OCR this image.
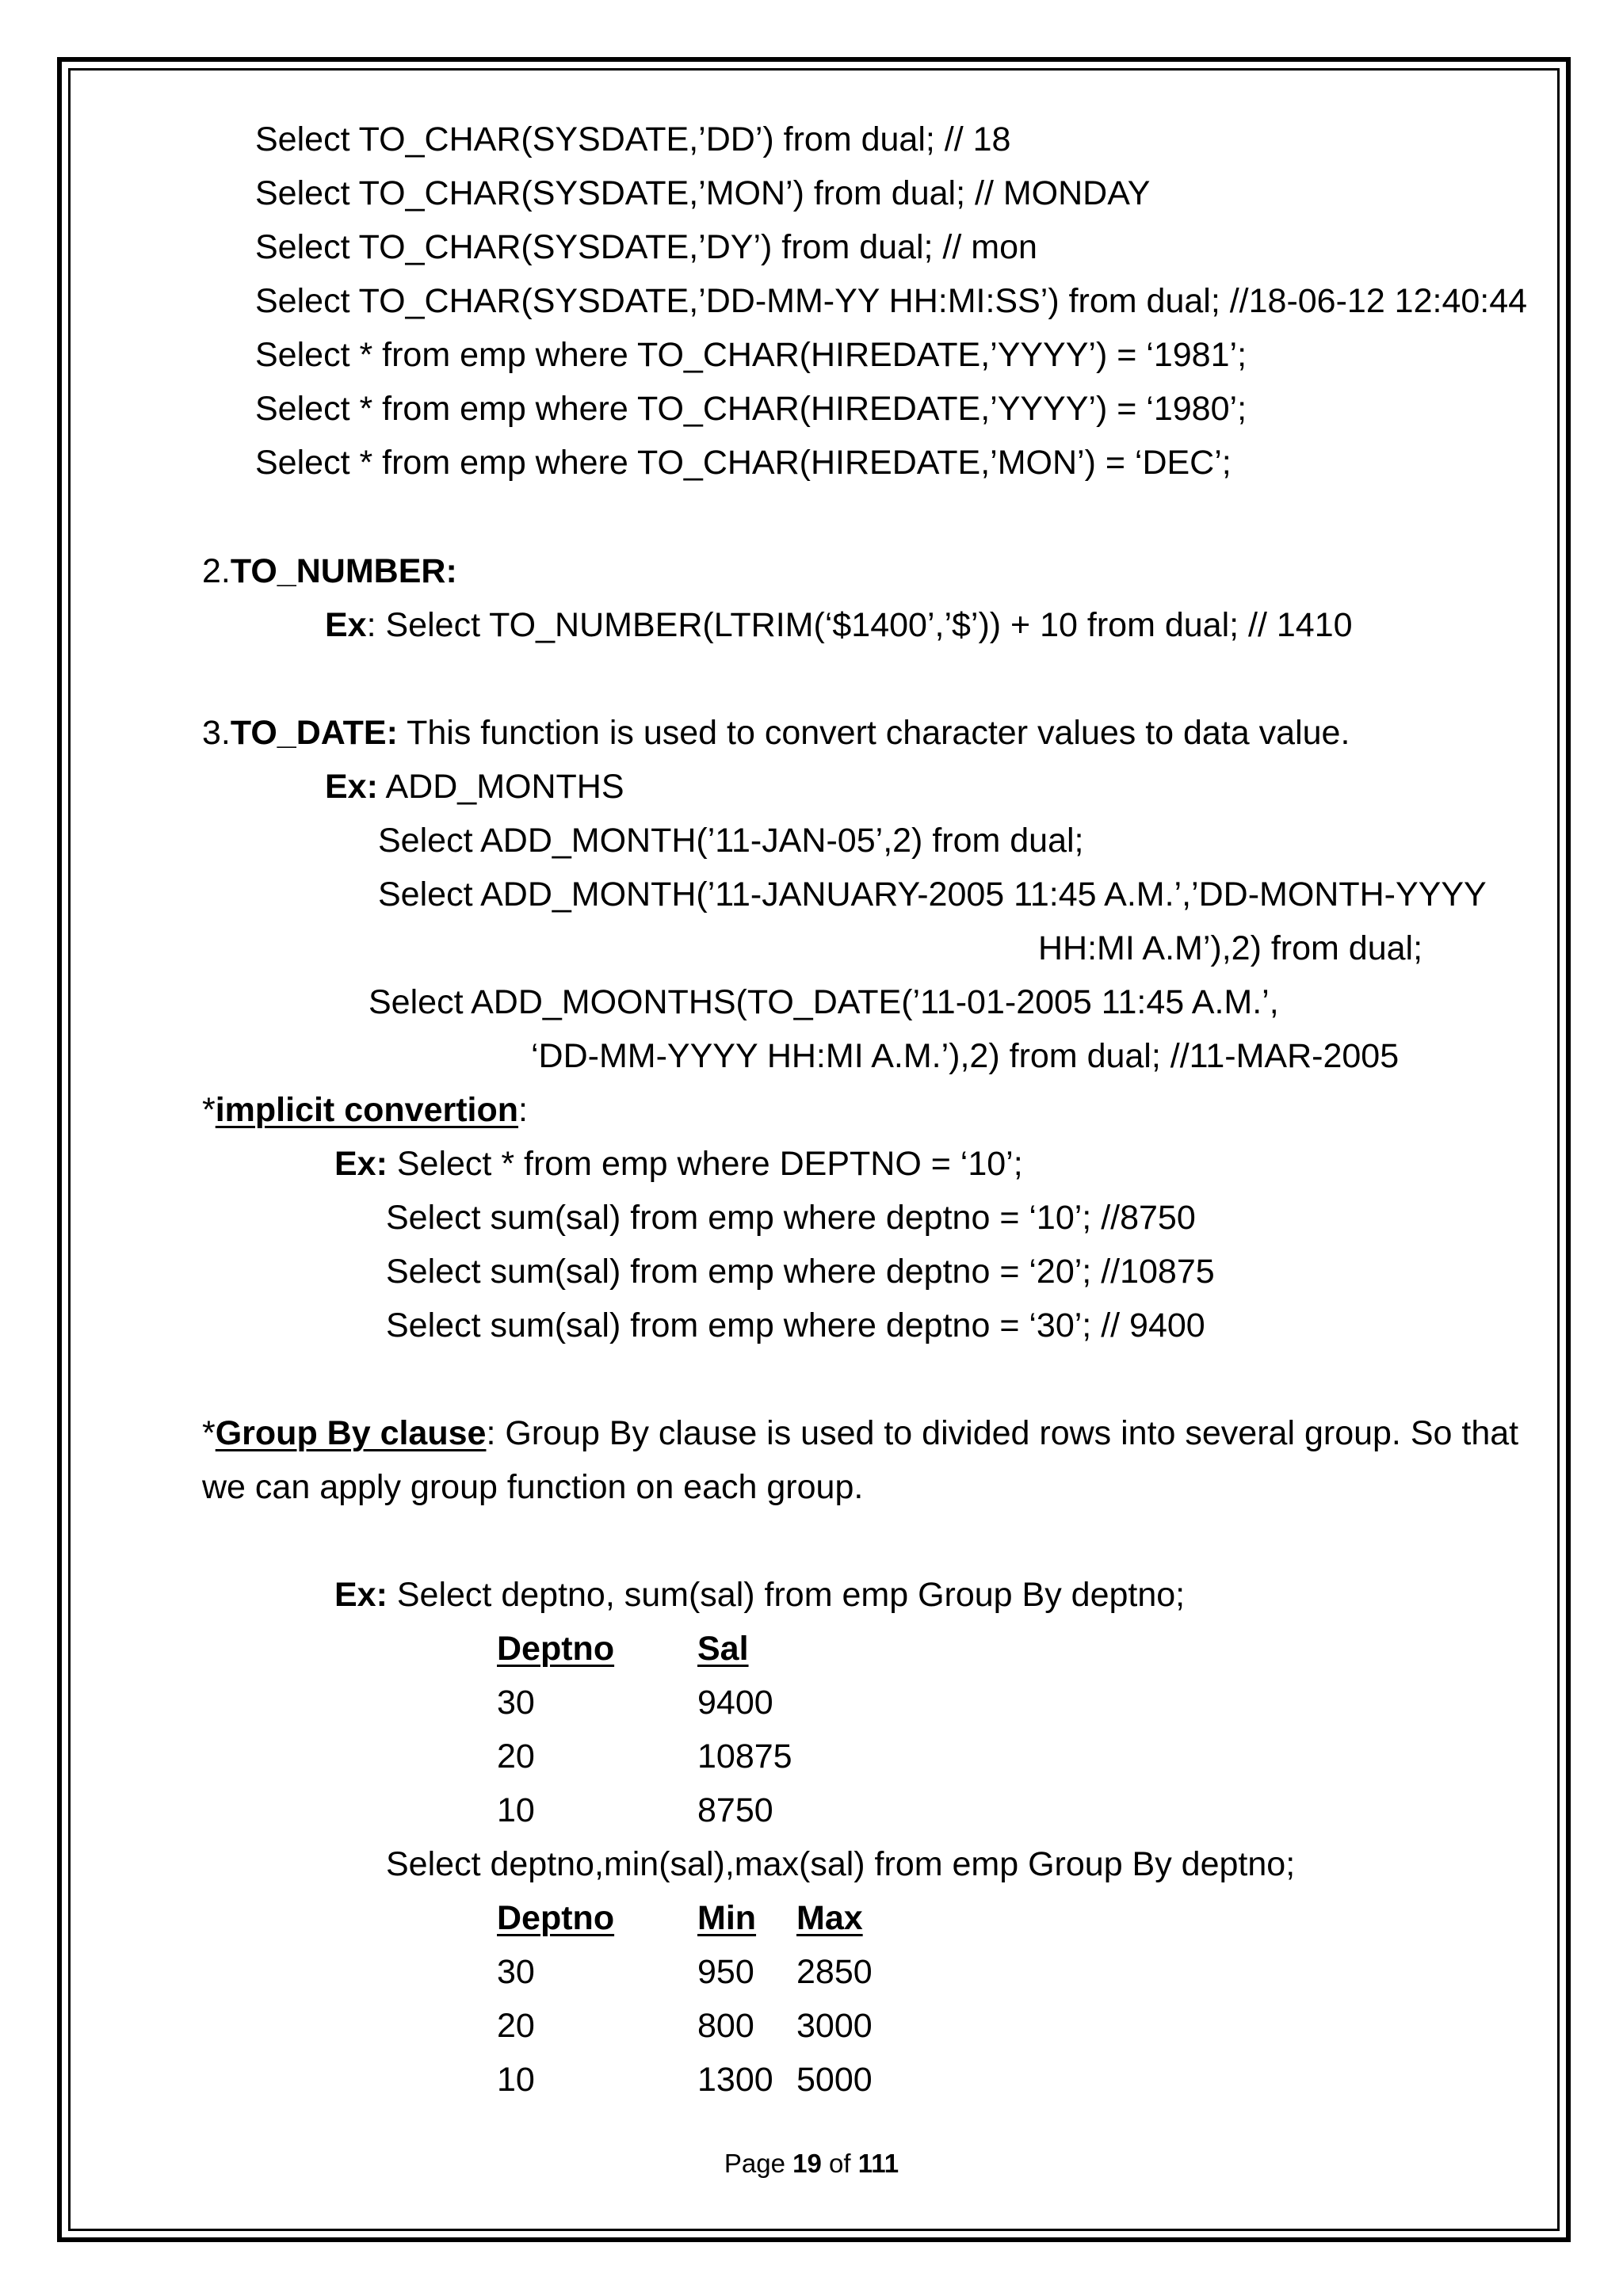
Select TO_CHAR(SYSDATE,’DD’) from dual; // 18
Select TO_CHAR(SYSDATE,’MON’) from dual; // MONDAY
Select TO_CHAR(SYSDATE,’DY’) from dual; // mon
Select TO_CHAR(SYSDATE,’DD-MM-YY HH:MI:SS’) from dual; //18-06-12 12:40:44
Select * from emp where TO_CHAR(HIREDATE,’YYYY’) = ‘1981’;
Select * from emp where TO_CHAR(HIREDATE,’YYYY’) = ‘1980’;
Select * from emp where TO_CHAR(HIREDATE,’MON’) = ‘DEC’;
2.TO_NUMBER:
Ex: Select TO_NUMBER(LTRIM(‘$1400’,’$’)) + 10 from dual; // 1410
3.TO_DATE: This function is used to convert character values to data value.
Ex: ADD_MONTHS
Select ADD_MONTH(’11-JAN-05’,2) from dual;
Select ADD_MONTH(’11-JANUARY-2005 11:45 A.M.’,’DD-MONTH-YYYY
HH:MI A.M’),2) from dual;
Select ADD_MOONTHS(TO_DATE(’11-01-2005 11:45 A.M.’,
‘DD-MM-YYYY HH:MI A.M.’),2) from dual; //11-MAR-2005
*implicit convertion:
Ex: Select * from emp where DEPTNO = ‘10’;
Select sum(sal) from emp where deptno = ‘10’; //8750
Select sum(sal) from emp where deptno = ‘20’; //10875
Select sum(sal) from emp where deptno = ‘30’; // 9400
*Group By clause: Group By clause is used to divided rows into several group. So that
we can apply group function on each group.
Ex: Select deptno, sum(sal) from emp Group By deptno;
Deptno Sal
30	9400
20	10875
10	8750
Select deptno,min(sal),max(sal) from emp Group By deptno;
Deptno Min Max
30	950 2850
20	800 3000
10	1300 5000
Page 19 of 111
